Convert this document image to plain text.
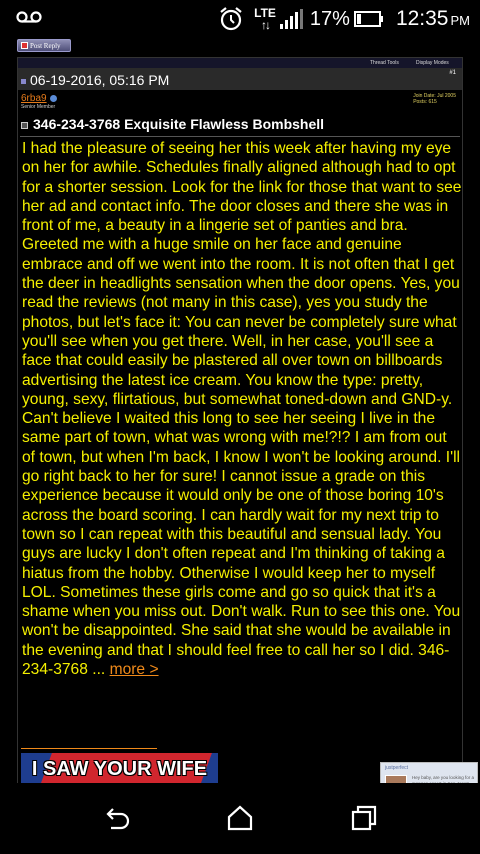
LTE
↑↓ 17% 12:35 PM
Post Reply
Thread Tools	Display Modes
06-19-2016, 05:16 PM	#1
6rba9
Senior Member
Join Date: Jul 2005
Posts: 615
346-234-3768 Exquisite Flawless Bombshell
I had the pleasure of seeing her this week after having my eye on her for awhile. Schedules finally aligned although had to opt for a shorter session. Look for the link for those that want to see her ad and contact info. The door closes and there she was in front of me, a beauty in a lingerie set of panties and bra. Greeted me with a huge smile on her face and genuine embrace and off we went into the room. It is not often that I get the deer in headlights sensation when the door opens. Yes, you read the reviews (not many in this case), yes you study the photos, but let's face it: You can never be completely sure what you'll see when you get there. Well, in her case, you'll see a face that could easily be plastered all over town on billboards advertising the latest ice cream. You know the type: pretty, young, sexy, flirtatious, but somewhat toned-down and GND-y. Can't believe I waited this long to see her seeing I live in the same part of town, what was wrong with me!?!? I am from out of town, but when I'm back, I know I won't be looking around. I'll go right back to her for sure! I cannot issue a grade on this experience because it would only be one of those boring 10's across the board scoring. I can hardly wait for my next trip to town so I can repeat with this beautiful and sensual lady. You guys are lucky I don't often repeat and I'm thinking of taking a hiatus from the hobby. Otherwise I would keep her to myself LOL. Sometimes these girls come and go so quick that it's a shame when you miss out. Don't walk. Run to see this one. You won't be disappointed. She said that she would be available in the evening and that I should feel free to call her so I did. 346-234-3768 ... more >
I SAW YOUR WIFE	justperfect
Hey baby, are you looking for a
